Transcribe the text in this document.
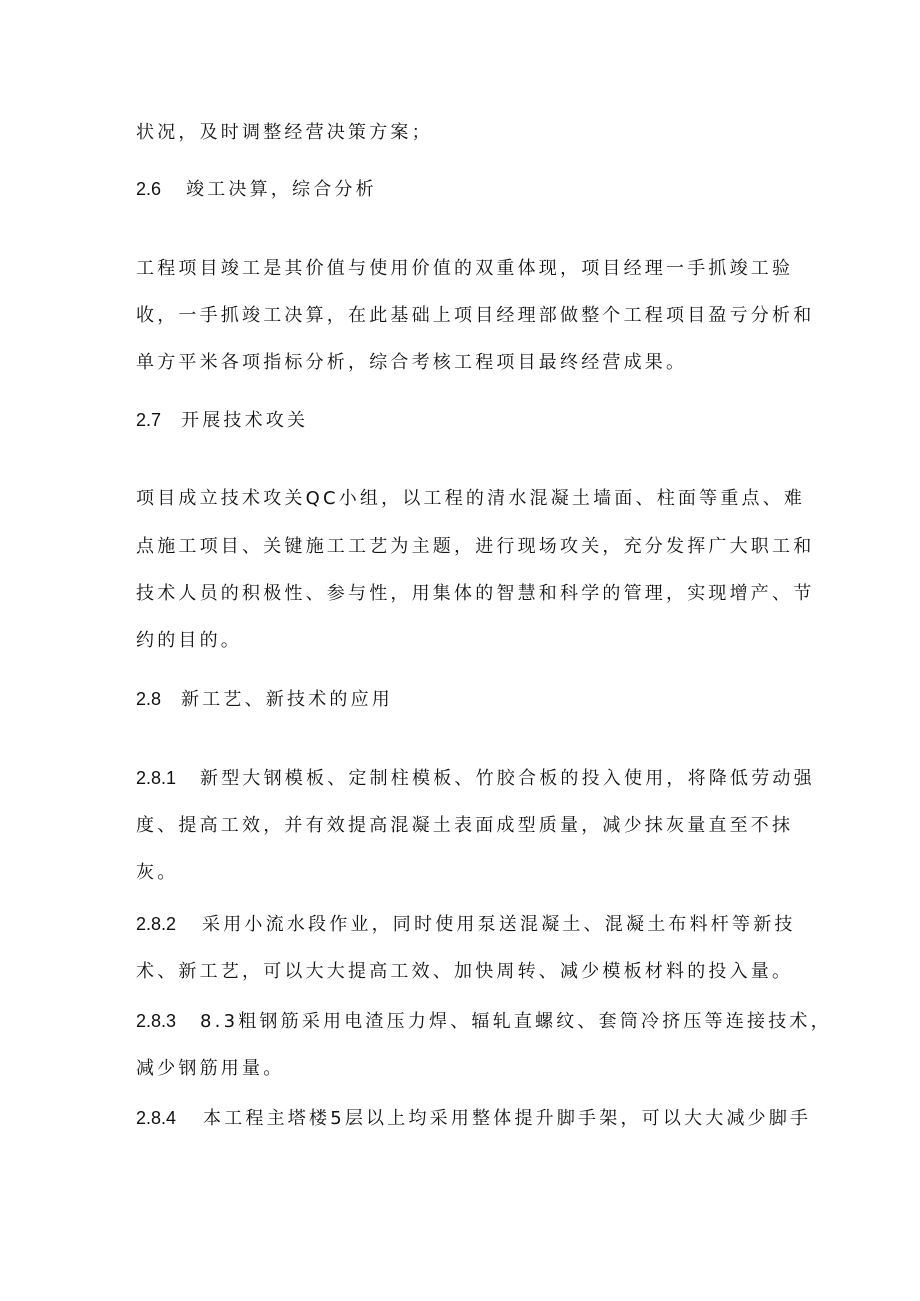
状况，及时调整经营决策方案；
2.6 竣工决算，综合分析
工程项目竣工是其价值与使用价值的双重体现，项目经理一手抓竣工验
收，一手抓竣工决算，在此基础上项目经理部做整个工程项目盈亏分析和
单方平米各项指标分析，综合考核工程项目最终经营成果。
2.7 开展技术攻关
项目成立技术攻关QC小组，以工程的清水混凝土墙面、柱面等重点、难
点施工项目、关键施工工艺为主题，进行现场攻关，充分发挥广大职工和
技术人员的积极性、参与性，用集体的智慧和科学的管理，实现增产、节
约的目的。
2.8 新工艺、新技术的应用
2.8.1 新型大钢模板、定制柱模板、竹胶合板的投入使用，将降低劳动强
度、提高工效，并有效提高混凝土表面成型质量，减少抹灰量直至不抹
灰。
2.8.2 采用小流水段作业，同时使用泵送混凝土、混凝土布料杆等新技
术、新工艺，可以大大提高工效、加快周转、减少模板材料的投入量。
2.8.3 8.3粗钢筋采用电渣压力焊、辐轧直螺纹、套筒冷挤压等连接技术，
减少钢筋用量。
2.8.4 本工程主塔楼5层以上均采用整体提升脚手架，可以大大减少脚手
